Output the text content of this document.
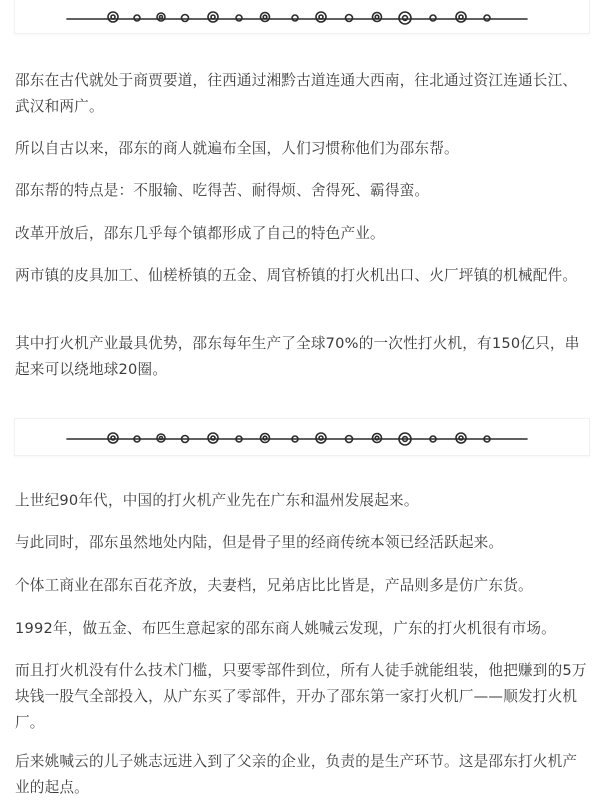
邵东在古代就处于商贾要道，往西通过湘黔古道连通大西南，往北通过资江连通长江、武汉和两广。

所以自古以来，邵东的商人就遍布全国，人们习惯称他们为邵东帮。

邵东帮的特点是：不服输、吃得苦、耐得烦、舍得死、霸得蛮。

改革开放后，邵东几乎每个镇都形成了自己的特色产业。

两市镇的皮具加工、仙槎桥镇的五金、周官桥镇的打火机出口、火厂坪镇的机械配件。

其中打火机产业最具优势，邵东每年生产了全球70%的一次性打火机，有150亿只，串起来可以绕地球20圈。

上世纪90年代，中国的打火机产业先在广东和温州发展起来。

与此同时，邵东虽然地处内陆，但是骨子里的经商传统本领已经活跃起来。

个体工商业在邵东百花齐放，夫妻档，兄弟店比比皆是，产品则多是仿广东货。

1992年，做五金、布匹生意起家的邵东商人姚喊云发现，广东的打火机很有市场。

而且打火机没有什么技术门槛，只要零部件到位，所有人徒手就能组装，他把赚到的5万块钱一股气全部投入，从广东买了零部件，开办了邵东第一家打火机厂——顺发打火机厂。

后来姚喊云的儿子姚志远进入到了父亲的企业，负责的是生产环节。这是邵东打火机产业的起点。
